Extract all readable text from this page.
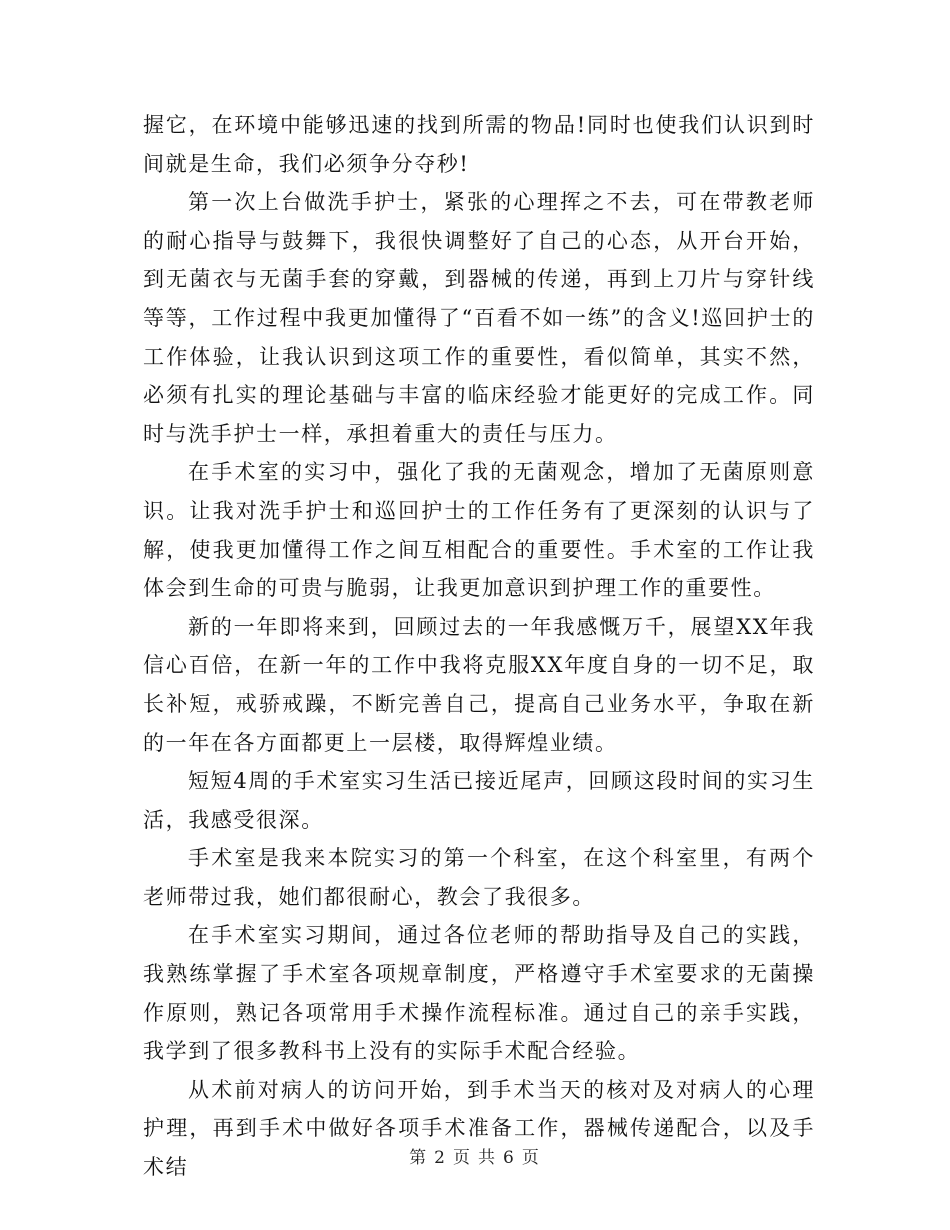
握它，在环境中能够迅速的找到所需的物品!同时也使我们认识到时间就是生命，我们必须争分夺秒!

第一次上台做洗手护士，紧张的心理挥之不去，可在带教老师的耐心指导与鼓舞下，我很快调整好了自己的心态，从开台开始，到无菌衣与无菌手套的穿戴，到器械的传递，再到上刀片与穿针线等等，工作过程中我更加懂得了“百看不如一练”的含义!巡回护士的工作体验，让我认识到这项工作的重要性，看似简单，其实不然，必须有扎实的理论基础与丰富的临床经验才能更好的完成工作。同时与洗手护士一样，承担着重大的责任与压力。

在手术室的实习中，强化了我的无菌观念，增加了无菌原则意识。让我对洗手护士和巡回护士的工作任务有了更深刻的认识与了解，使我更加懂得工作之间互相配合的重要性。手术室的工作让我体会到生命的可贵与脆弱，让我更加意识到护理工作的重要性。

新的一年即将来到，回顾过去的一年我感慨万千，展望XX年我信心百倍，在新一年的工作中我将克服XX年度自身的一切不足，取长补短，戒骄戒躁，不断完善自己，提高自己业务水平，争取在新的一年在各方面都更上一层楼，取得辉煌业绩。

短短4周的手术室实习生活已接近尾声，回顾这段时间的实习生活，我感受很深。

手术室是我来本院实习的第一个科室，在这个科室里，有两个老师带过我，她们都很耐心，教会了我很多。

在手术室实习期间，通过各位老师的帮助指导及自己的实践，我熟练掌握了手术室各项规章制度，严格遵守手术室要求的无菌操作原则，熟记各项常用手术操作流程标准。通过自己的亲手实践，我学到了很多教科书上没有的实际手术配合经验。

从术前对病人的访问开始，到手术当天的核对及对病人的心理护理，再到手术中做好各项手术准备工作，器械传递配合，以及手术结	第 2 页 共 6 页
